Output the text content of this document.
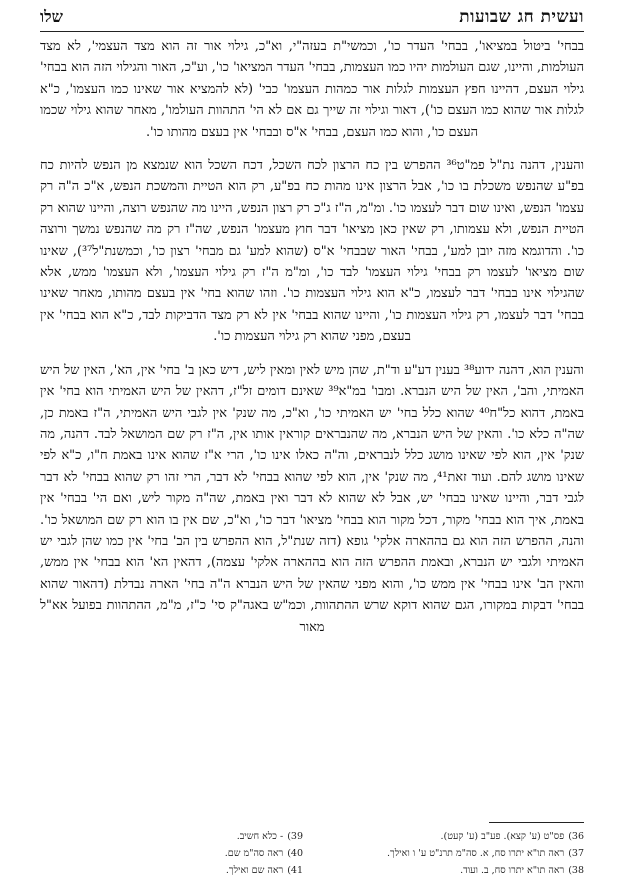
שלו	ועשית חג שבועות

בבחי' ביטול במציאו', בבחי' העדר כו', וכמשי"ת בעזה"י, וא"כ, גילוי אור זה הוא מצד העצמי', לא מצד העולמות, והיינו, שגם העולמות יהיו כמו העצמות, בבחי' העדר המציאו' כו', וע"כ, האור והגילוי הזה הוא בבחי' גילוי העצם, דהיינו חפץ העצמות לגלות אור כמהות העצמו' כבי' (לא להמציא אור שאינו כמו העצמו', כ"א לגלות אור שהוא כמו העצם כו'), דאור וגילוי זה שייך גם אם לא הי' התהוות העולמו', מאחר שהוא גילוי שכמו העצם כו', והוא כמו העצם, בבחי' א"ס ובבחי' אין בעצם מהותו כו'.

והענין, דהנה נת"ל פמ"ט³⁶ ההפרש בין כח הרצון לכח השכל, דכח השכל הוא שנמצא מן הנפש להיות כח בפ"ע שהנפש משכלת בו כו', אבל הרצון אינו מהות כח בפ"ע, רק הוא הטיית והמשכת הנפש, א"כ ה"ה רק עצמו' הנפש, ואינו שום דבר לעצמו כו'. ומ"מ, ה"ז ג"כ רק רצון הנפש, היינו מה שהנפש רוצה, והיינו שהוא רק הטיית הנפש, ולא עצמותו, רק שאין כאן מציאו' דבר חוץ מעצמו' הנפש, שה"ז רק מה שהנפש נמשך ורוצה כו'. והדוגמא מזה יובן למע', בבחי' האור שבבחי' א"ס (שהוא למע' גם מבחי' רצון כו', וכמשנת"ל³⁷), שאינו שום מציאו' לעצמו רק בבחי' גילוי העצמו' לבד כו', ומ"מ ה"ז רק גילוי העצמו', ולא העצמו' ממש, אלא שהגילוי אינו בבחי' דבר לעצמו, כ"א הוא גילוי העצמות כו'. וזהו שהוא בחי' אין בעצם מהותו, מאחר שאינו בבחי' דבר לעצמו, רק גילוי העצמות כו', והיינו שהוא בבחי' אין לא רק מצד הדביקות לבד, כ"א הוא בבחי' אין בעצם, מפני שהוא רק גילוי העצמות כו'.

והענין הוא, דהנה ידוע³⁸ בענין דע"ע וד"ת, שהן מיש לאין ומאין ליש, דיש כאן ב' בחי' אין, הא', האין של היש האמיתי, והב', האין של היש הנברא. ומבו' במ"א³⁹ שאינם דומים זל"ז, דהאין של היש האמיתי הוא בחי' אין באמת, דהוא כל"ח⁴⁰ שהוא כלל בחי' יש האמיתי כו', וא"כ, מה שנק' אין לגבי היש האמיתי, ה"ז באמת כן, שה"ה כלא כו'. והאין של היש הנברא, מה שהנבראים קוראין אותו אין, ה"ז רק שם המושאל לבד. דהנה, מה שנק' אין, הוא לפי שאינו מושג כלל לנבראים, וה"ה כאלו אינו כו', הרי א"ז שהוא אינו באמת ח"ו, כ"א לפי שאינו מושג להם. ועוד זאת⁴¹, מה שנק' אין, הוא לפי שהוא בבחי' לא דבר, הרי זהו רק שהוא בבחי' לא דבר לגבי דבר, והיינו שאינו בבחי' יש, אבל לא שהוא לא דבר ואין באמת, שה"ה מקור ליש, ואם הי' בבחי' אין באמת, איך הוא בבחי' מקור, דכל מקור הוא בבחי' מציאו' דבר כו', וא"כ, שם אין בו הוא רק שם המושאל כו'. והנה, ההפרש הזה הוא גם בההארה אלקי' גופא (דזה שנת"ל, הוא ההפרש בין הב' בחי' אין כמו שהן לגבי יש האמיתי ולגבי יש הנברא, ובאמת ההפרש הזה הוא בההארה אלקי' עצמה), דהאין הא' הוא בבחי' אין ממש, והאין הב' אינו בבחי' אין ממש כו', והוא מפני שהאין של היש הנברא ה"ה בחי' הארה נבדלת (דהאור שהוא בבחי' דבקות במקורו, הגם שהוא דוקא שרש ההתהוות, וכמ"ש באגה"ק סי' כ"ז, מ"מ, ההתהוות בפועל אא"ל מאור

36)פס"ט (ע' קצא). פע"ב (ע' קעט).
37)ראה תו"א יתרו סח, א. סה"מ תרנ"ט ע' ו ואילך.
38)ראה תו"א יתרו סח, ב. ועוד.
39)- כלא חשיב.
40)ראה סה"מ שם.
41)ראה שם ואילך.
